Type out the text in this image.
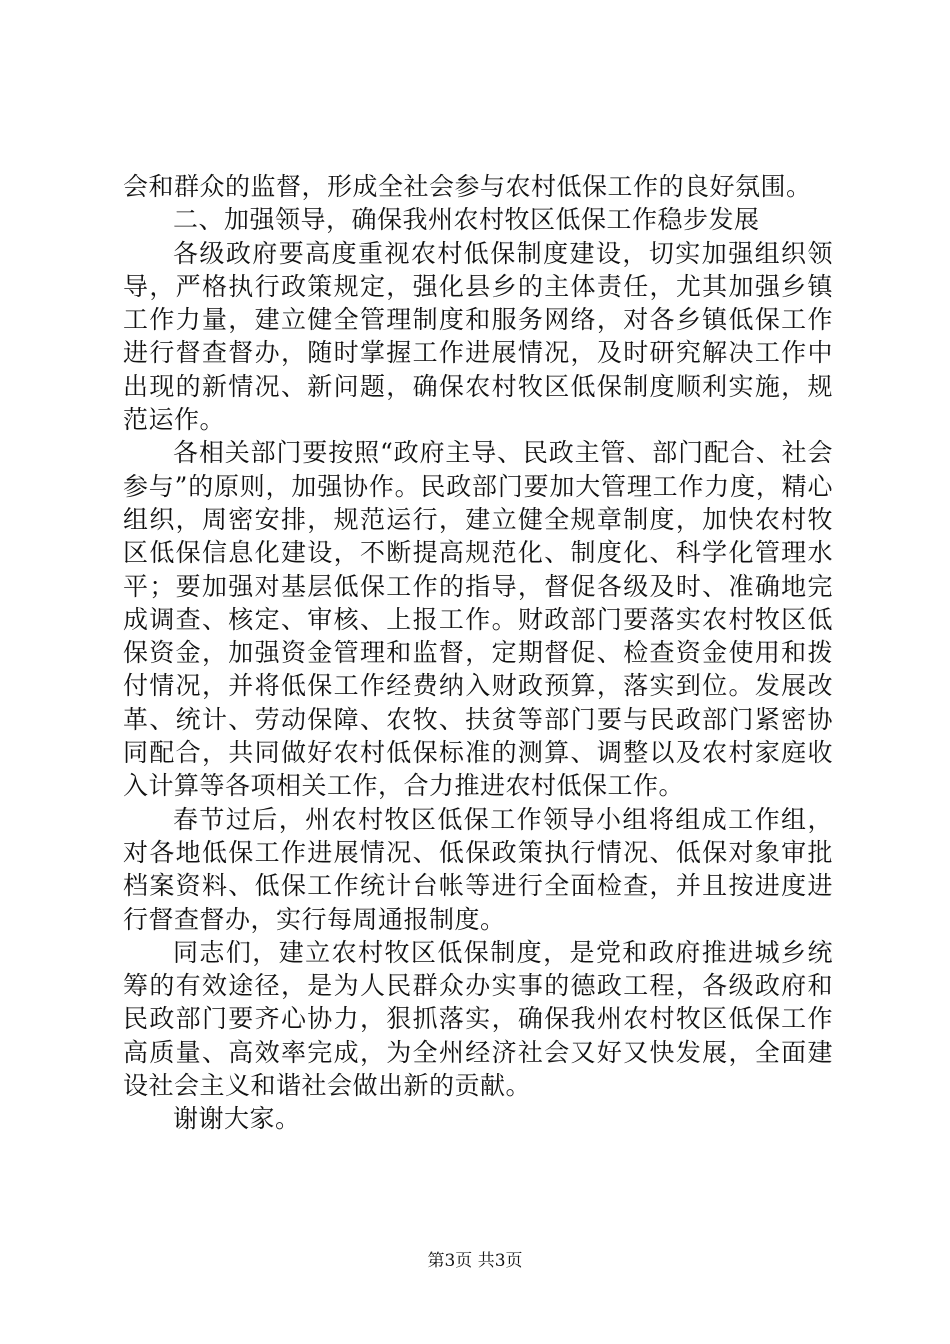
会和群众的监督，形成全社会参与农村低保工作的良好氛围。

二、加强领导，确保我州农村牧区低保工作稳步发展

各级政府要高度重视农村低保制度建设，切实加强组织领导，严格执行政策规定，强化县乡的主体责任，尤其加强乡镇工作力量，建立健全管理制度和服务网络，对各乡镇低保工作进行督查督办，随时掌握工作进展情况，及时研究解决工作中出现的新情况、新问题，确保农村牧区低保制度顺利实施，规范运作。

各相关部门要按照“政府主导、民政主管、部门配合、社会参与”的原则，加强协作。民政部门要加大管理工作力度，精心组织，周密安排，规范运行，建立健全规章制度，加快农村牧区低保信息化建设，不断提高规范化、制度化、科学化管理水平；要加强对基层低保工作的指导，督促各级及时、准确地完成调查、核定、审核、上报工作。财政部门要落实农村牧区低保资金，加强资金管理和监督，定期督促、检查资金使用和拨付情况，并将低保工作经费纳入财政预算，落实到位。发展改革、统计、劳动保障、农牧、扶贫等部门要与民政部门紧密协同配合，共同做好农村低保标准的测算、调整以及农村家庭收入计算等各项相关工作，合力推进农村低保工作。

春节过后，州农村牧区低保工作领导小组将组成工作组，对各地低保工作进展情况、低保政策执行情况、低保对象审批档案资料、低保工作统计台帐等进行全面检查，并且按进度进行督查督办，实行每周通报制度。

同志们，建立农村牧区低保制度，是党和政府推进城乡统筹的有效途径，是为人民群众办实事的德政工程，各级政府和民政部门要齐心协力，狠抓落实，确保我州农村牧区低保工作高质量、高效率完成，为全州经济社会又好又快发展，全面建设社会主义和谐社会做出新的贡献。

谢谢大家。

第3页 共3页
